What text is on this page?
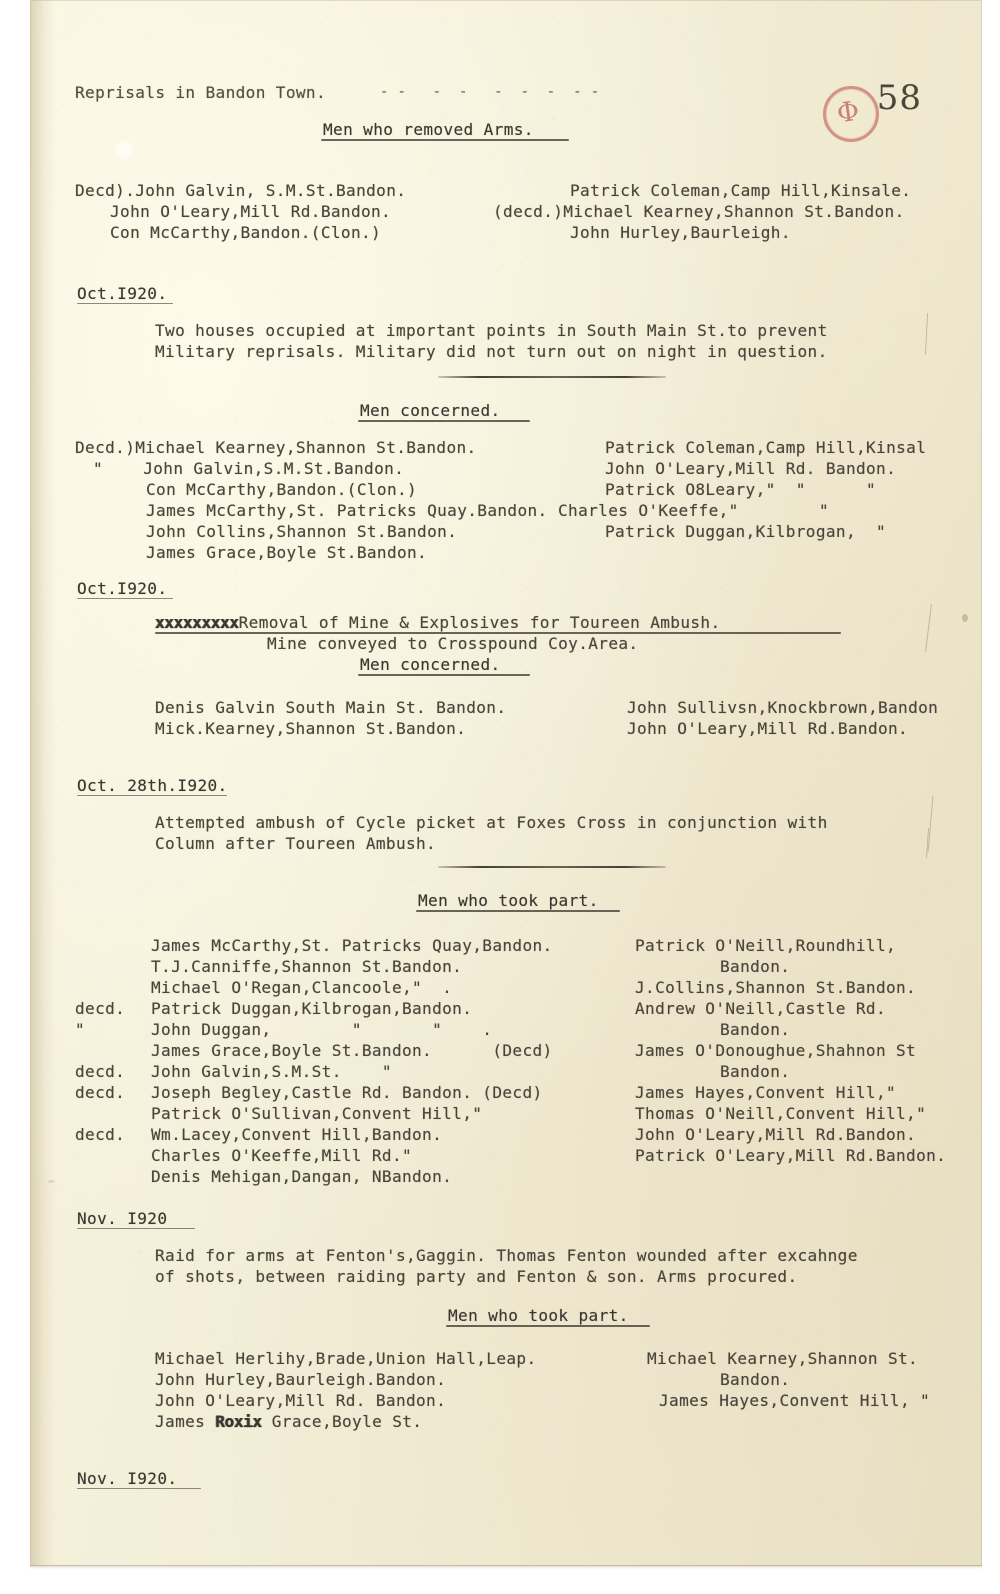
Φ 58
Reprisals in Bandon Town.	- -   -  -   -  -  -  - -
Men who removed Arms.
Decd).John Galvin, S.M.St.Bandon.
John O'Leary,Mill Rd.Bandon.
Con McCarthy,Bandon.(Clon.)
Patrick Coleman,Camp Hill,Kinsale.
(decd.)Michael Kearney,Shannon St.Bandon.
John Hurley,Baurleigh.
Oct.I920.
Two houses occupied at important points in South Main St.to prevent
Military reprisals. Military did not turn out on night in question.
Men concerned.
Decd.)Michael Kearney,Shannon St.Bandon.
"    John Galvin,S.M.St.Bandon.
Con McCarthy,Bandon.(Clon.)
James McCarthy,St. Patricks Quay.Bandon.
John Collins,Shannon St.Bandon.
James Grace,Boyle St.Bandon.
Patrick Coleman,Camp Hill,Kinsal
John O'Leary,Mill Rd. Bandon.
Patrick O8Leary,"  "      "
Charles O'Keeffe,"        "
Patrick Duggan,Kilbrogan,  "
Oct.I920.
xxxxxxxxxRemoval of Mine & Explosives for Toureen Ambush.
Mine conveyed to Crosspound Coy.Area.
Men concerned.
Denis Galvin South Main St. Bandon.
Mick.Kearney,Shannon St.Bandon.
John Sullivsn,Knockbrown,Bandon
John O'Leary,Mill Rd.Bandon.
Oct. 28th.I920.
Attempted ambush of Cycle picket at Foxes Cross in conjunction with
Column after Toureen Ambush.
Men who took part.
James McCarthy,St. Patricks Quay,Bandon.
T.J.Canniffe,Shannon St.Bandon.
Michael O'Regan,Clancoole,"  .
decd. Patrick Duggan,Kilbrogan,Bandon.
"	John Duggan,        "       "    .
James Grace,Boyle St.Bandon.      (Decd)
decd. John Galvin,S.M.St.    "
decd. Joseph Begley,Castle Rd. Bandon. (Decd)
Patrick O'Sullivan,Convent Hill,"
decd. Wm.Lacey,Convent Hill,Bandon.
Charles O'Keeffe,Mill Rd."
Denis Mehigan,Dangan, NBandon.
Patrick O'Neill,Roundhill,
Bandon.
J.Collins,Shannon St.Bandon.
Andrew O'Neill,Castle Rd.
Bandon.
James O'Donoughue,Shahnon St
Bandon.
James Hayes,Convent Hill,"
Thomas O'Neill,Convent Hill,"
John O'Leary,Mill Rd.Bandon.
Patrick O'Leary,Mill Rd.Bandon.
Nov. I920
Raid for arms at Fenton's,Gaggin. Thomas Fenton wounded after excahnge
of shots, between raiding party and Fenton & son. Arms procured.
Men who took part.
Michael Herlihy,Brade,Union Hall,Leap.
John Hurley,Baurleigh.Bandon.
John O'Leary,Mill Rd. Bandon.
James Roxix Grace,Boyle St.
Michael Kearney,Shannon St.
Bandon.
James Hayes,Convent Hill, "
Nov. I920.
